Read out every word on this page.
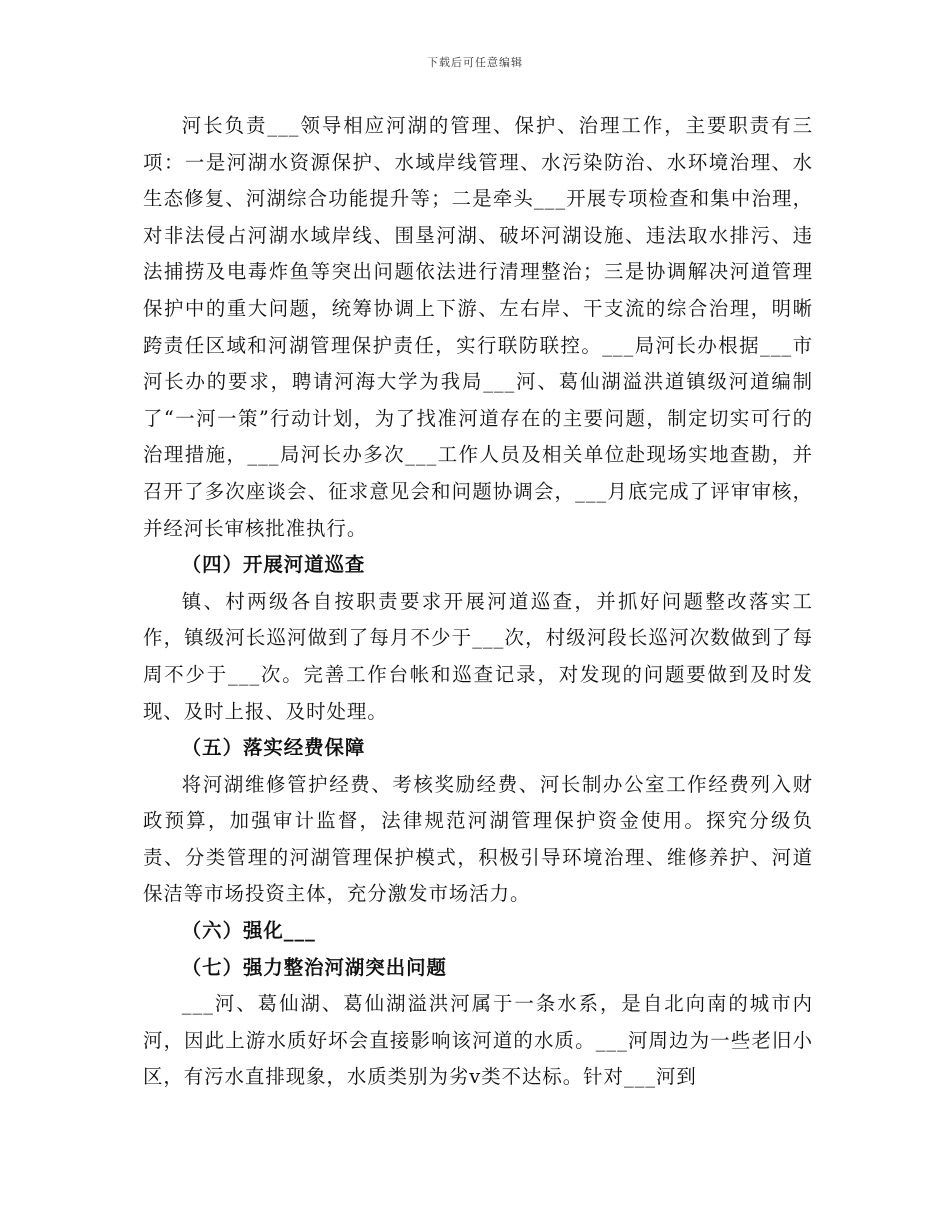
下载后可任意编辑

河长负责___领导相应河湖的管理、保护、治理工作，主要职责有三项：一是河湖水资源保护、水域岸线管理、水污染防治、水环境治理、水生态修复、河湖综合功能提升等；二是牵头___开展专项检查和集中治理，对非法侵占河湖水域岸线、围垦河湖、破坏河湖设施、违法取水排污、违法捕捞及电毒炸鱼等突出问题依法进行清理整治；三是协调解决河道管理保护中的重大问题，统筹协调上下游、左右岸、干支流的综合治理，明晰跨责任区域和河湖管理保护责任，实行联防联控。___局河长办根据___市河长办的要求，聘请河海大学为我局___河、葛仙湖溢洪道镇级河道编制了“一河一策”行动计划，为了找准河道存在的主要问题，制定切实可行的治理措施，___局河长办多次___工作人员及相关单位赴现场实地查勘，并召开了多次座谈会、征求意见会和问题协调会，___月底完成了评审审核，并经河长审核批准执行。

（四）开展河道巡查

镇、村两级各自按职责要求开展河道巡查，并抓好问题整改落实工作，镇级河长巡河做到了每月不少于___次，村级河段长巡河次数做到了每周不少于___次。完善工作台帐和巡查记录，对发现的问题要做到及时发现、及时上报、及时处理。

（五）落实经费保障

将河湖维修管护经费、考核奖励经费、河长制办公室工作经费列入财政预算，加强审计监督，法律规范河湖管理保护资金使用。探究分级负责、分类管理的河湖管理保护模式，积极引导环境治理、维修养护、河道保洁等市场投资主体，充分激发市场活力。

（六）强化___

（七）强力整治河湖突出问题

___河、葛仙湖、葛仙湖溢洪河属于一条水系，是自北向南的城市内河，因此上游水质好坏会直接影响该河道的水质。___河周边为一些老旧小区，有污水直排现象，水质类别为劣v类不达标。针对___河到
